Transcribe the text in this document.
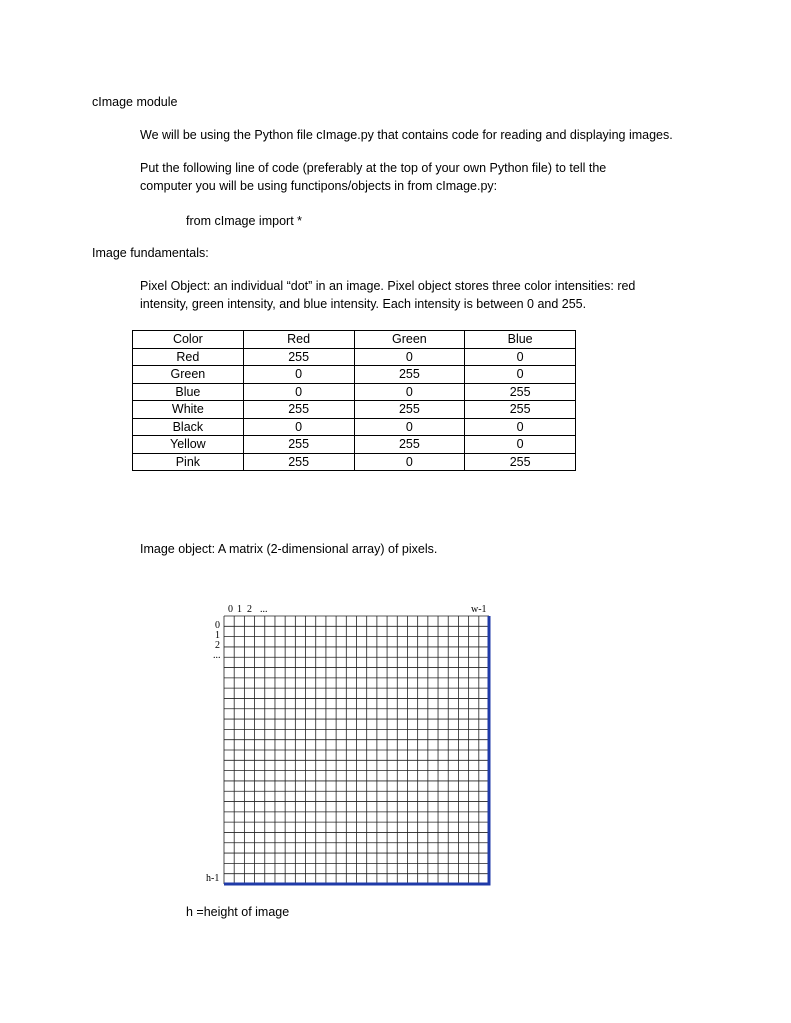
cImage module
We will be using the Python file cImage.py that contains code for reading and displaying images.
Put the following line of code (preferably at the top of your own Python file) to tell the computer you will be using functipons/objects in from cImage.py:
from cImage import *
Image fundamentals:
Pixel Object: an individual “dot” in an image. Pixel object stores three color intensities: red intensity, green intensity, and blue intensity. Each intensity is between 0 and 255.
Color	Red	Green	Blue
Red	255	0	0
Green	0	255	0
Blue	0	0	255
White	255	255	255
Black	0	0	0
Yellow	255	255	0
Pink	255	0	255
Image object: A matrix (2-dimensional array) of pixels.
0 1 2 ...	w-1
0
1
2
...
h-1
h =height of image
